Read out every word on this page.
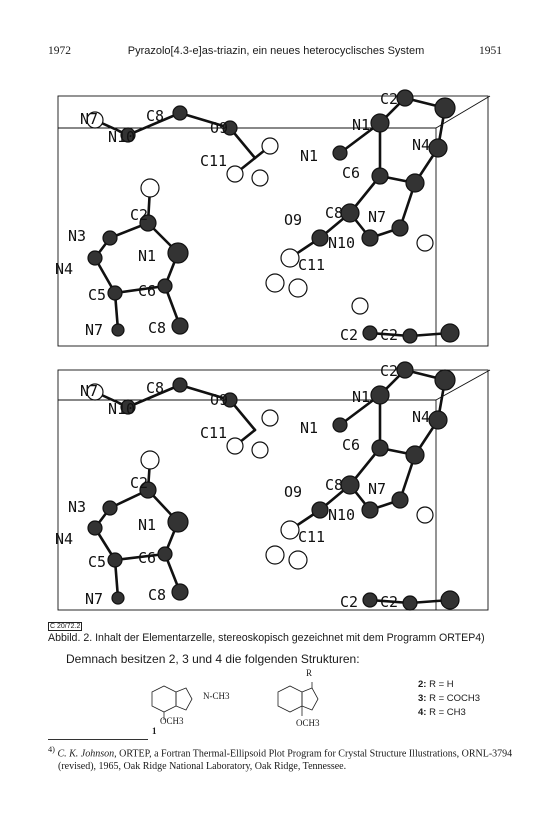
1972	Pyrazolo[4.3-e]as-triazin, ein neues heterocyclisches System	1951
N7	C8
N10	O9
C11
C2
N3
N4
N1
C5 C6
N7	C8
C2
N4
N1
N1
C6
O9 C8 N7
N10
C11
C2 C2
N7	C8
N10	O9
C11
C2
N3
N4
N1
C5 C6
N7	C8
C2
N4
N1
N1
C6
O9 C8 N7
N10
C11
C2 C2
C 20/72.2
Abbild. 2. Inhalt der Elementarzelle, stereoskopisch gezeichnet mit dem Programm ORTEP4)
Demnach besitzen 2, 3 und 4 die folgenden Strukturen:
N-CH3
OCH3
1
R
OCH3
2: R = H
3: R = COCH3
4: R = CH3
$^{4)}$ C. K. Johnson, ORTEP, a Fortran Thermal-Ellipsoid Plot Program for Crystal Structure Illustrations, ORNL-3794 (revised), 1965, Oak Ridge National Laboratory, Oak Ridge, Tennessee.
